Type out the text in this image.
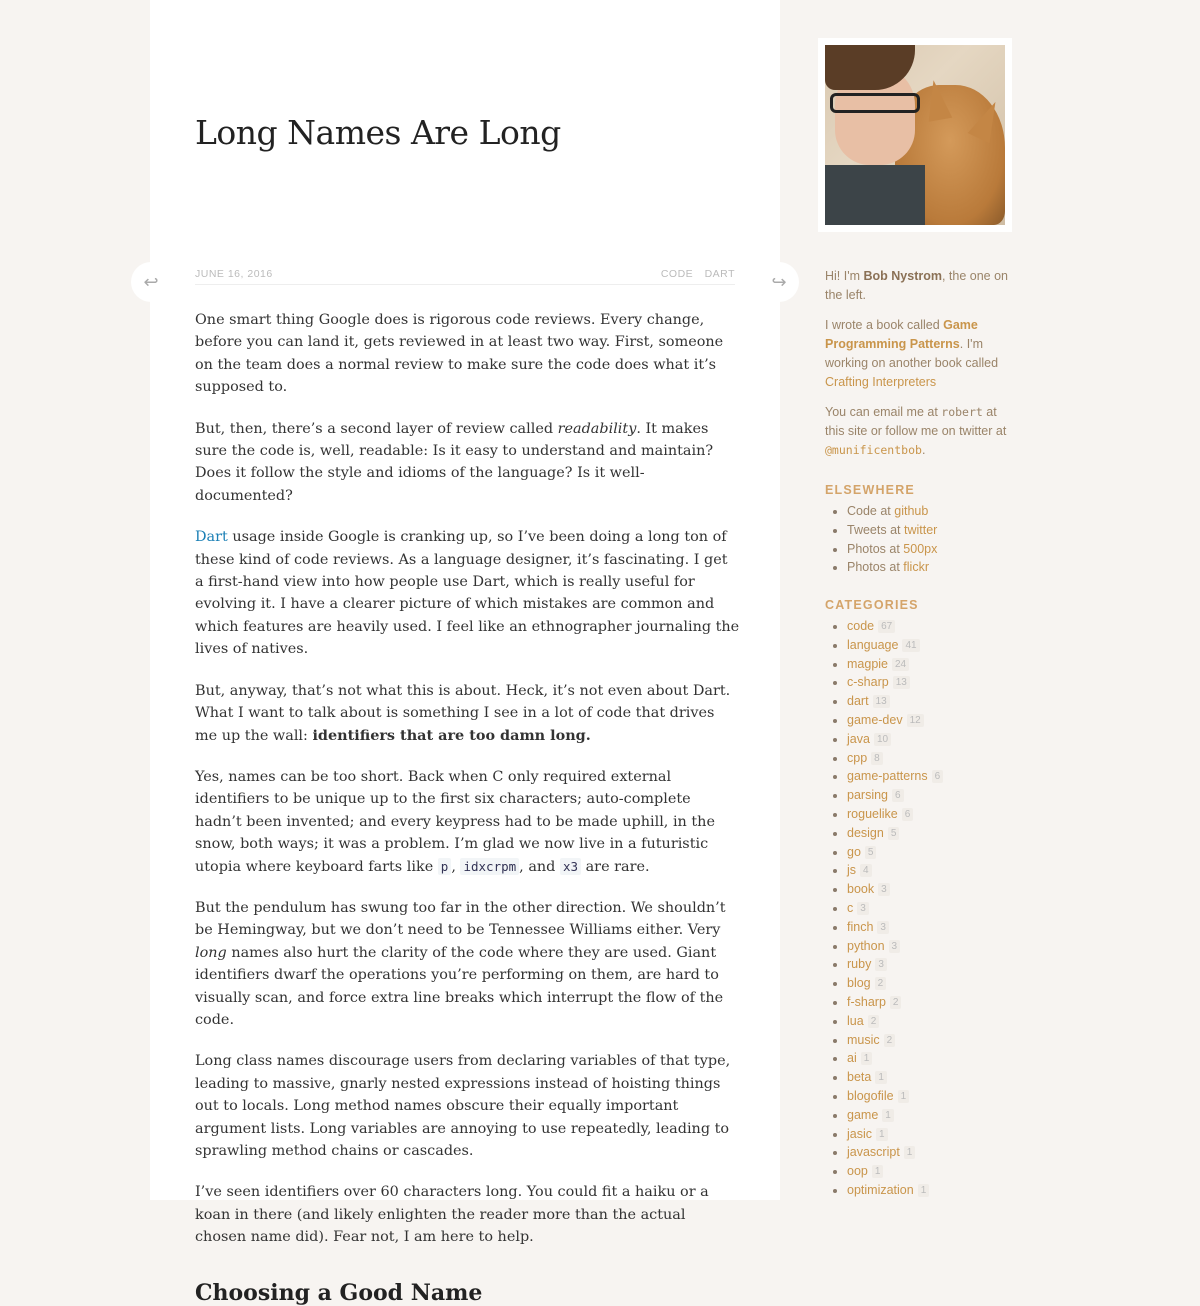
Long Names Are Long
JUNE 16, 2016	CODE DART

One smart thing Google does is rigorous code reviews. Every change, before you can land it, gets reviewed in at least two way. First, someone on the team does a normal review to make sure the code does what it’s supposed to.

But, then, there’s a second layer of review called readability. It makes sure the code is, well, readable: Is it easy to understand and maintain? Does it follow the style and idioms of the language? Is it well-documented?

Dart usage inside Google is cranking up, so I’ve been doing a long ton of these kind of code reviews. As a language designer, it’s fascinating. I get a first-hand view into how people use Dart, which is really useful for evolving it. I have a clearer picture of which mistakes are common and which features are heavily used. I feel like an ethnographer journaling the lives of natives.

But, anyway, that’s not what this is about. Heck, it’s not even about Dart. What I want to talk about is something I see in a lot of code that drives me up the wall: identifiers that are too damn long.

Yes, names can be too short. Back when C only required external identifiers to be unique up to the first six characters; auto-complete hadn’t been invented; and every keypress had to be made uphill, in the snow, both ways; it was a problem. I’m glad we now live in a futuristic utopia where keyboard farts like p , idxcrpm , and x3 are rare.

But the pendulum has swung too far in the other direction. We shouldn’t be Hemingway, but we don’t need to be Tennessee Williams either. Very long names also hurt the clarity of the code where they are used. Giant identifiers dwarf the operations you’re performing on them, are hard to visually scan, and force extra line breaks which interrupt the flow of the code.

Long class names discourage users from declaring variables of that type, leading to massive, gnarly nested expressions instead of hoisting things out to locals. Long method names obscure their equally important argument lists. Long variables are annoying to use repeatedly, leading to sprawling method chains or cascades.

I’ve seen identifiers over 60 characters long. You could fit a haiku or a koan in there (and likely enlighten the reader more than the actual chosen name did). Fear not, I am here to help.

Choosing a Good Name
↩	↪	Hi! I'm Bob Nystrom, the one on the left.

I wrote a book called Game Programming Patterns. I'm working on another book called Crafting Interpreters

You can email me at robert at this site or follow me on twitter at @munificentbob.

ELSEWHERE
Code at github
Tweets at twitter
Photos at 500px
Photos at flickr
CATEGORIES
code 67
language 41
magpie 24
c-sharp 13
dart 13
game-dev 12
java 10
cpp 8
game-patterns 6
parsing 6
roguelike 6
design 5
go 5
js 4
book 3
c 3
finch 3
python 3
ruby 3
blog 2
f-sharp 2
lua 2
music 2
ai 1
beta 1
blogofile 1
game 1
jasic 1
javascript 1
oop 1
optimization 1
